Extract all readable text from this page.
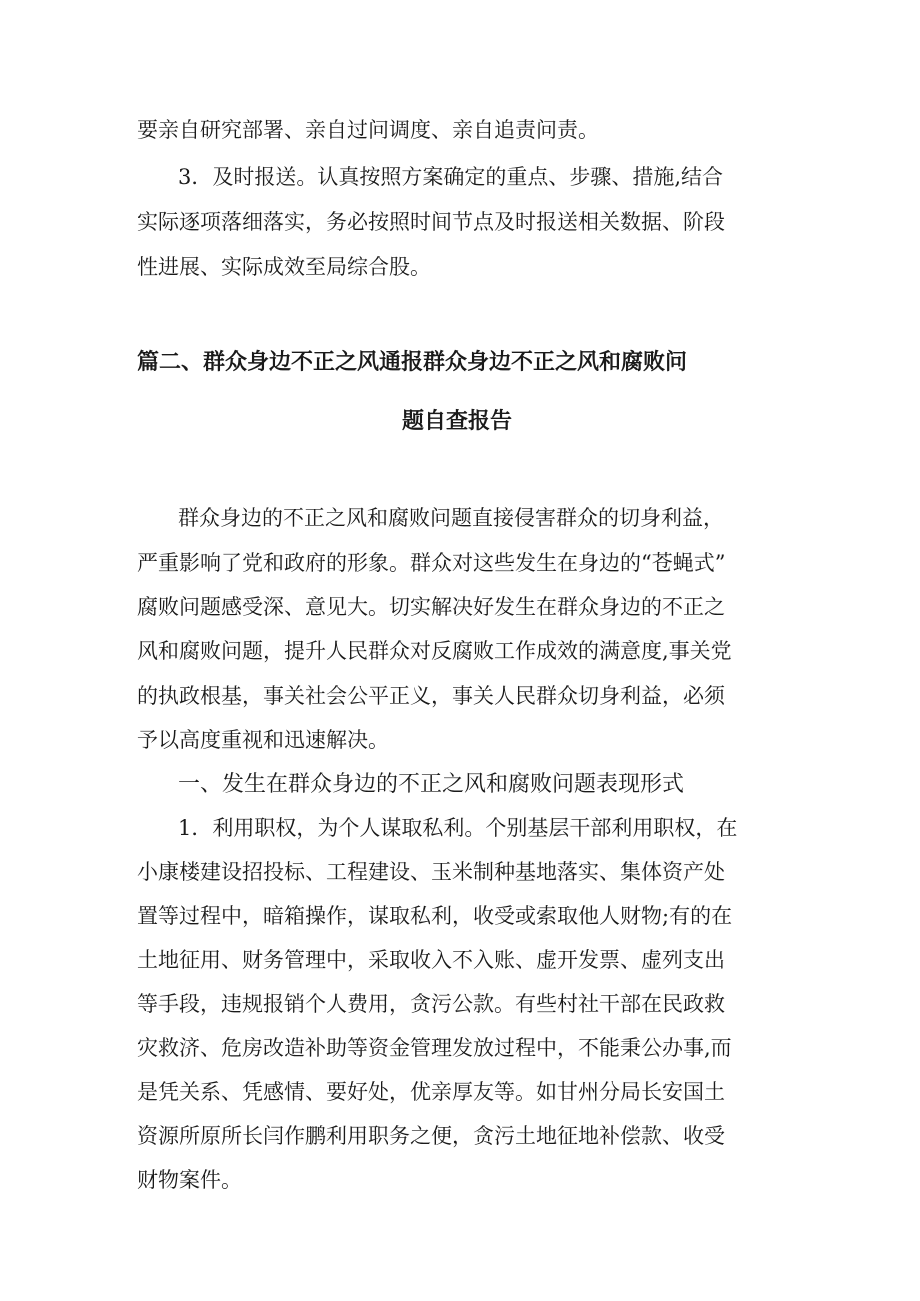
要亲自研究部署、亲自过问调度、亲自追责问责。
3．及时报送。认真按照方案确定的重点、步骤、措施,结合
实际逐项落细落实，务必按照时间节点及时报送相关数据、阶段
性进展、实际成效至局综合股。
篇二、群众身边不正之风通报群众身边不正之风和腐败问
题自查报告
群众身边的不正之风和腐败问题直接侵害群众的切身利益，
严重影响了党和政府的形象。群众对这些发生在身边的“苍蝇式”
腐败问题感受深、意见大。切实解决好发生在群众身边的不正之
风和腐败问题，提升人民群众对反腐败工作成效的满意度,事关党
的执政根基，事关社会公平正义，事关人民群众切身利益，必须
予以高度重视和迅速解决。
一、发生在群众身边的不正之风和腐败问题表现形式
1．利用职权，为个人谋取私利。个别基层干部利用职权，在
小康楼建设招投标、工程建设、玉米制种基地落实、集体资产处
置等过程中，暗箱操作，谋取私利，收受或索取他人财物;有的在
土地征用、财务管理中，采取收入不入账、虚开发票、虚列支出
等手段，违规报销个人费用，贪污公款。有些村社干部在民政救
灾救济、危房改造补助等资金管理发放过程中，不能秉公办事,而
是凭关系、凭感情、要好处，优亲厚友等。如甘州分局长安国土
资源所原所长闫作鹏利用职务之便，贪污土地征地补偿款、收受
财物案件。
